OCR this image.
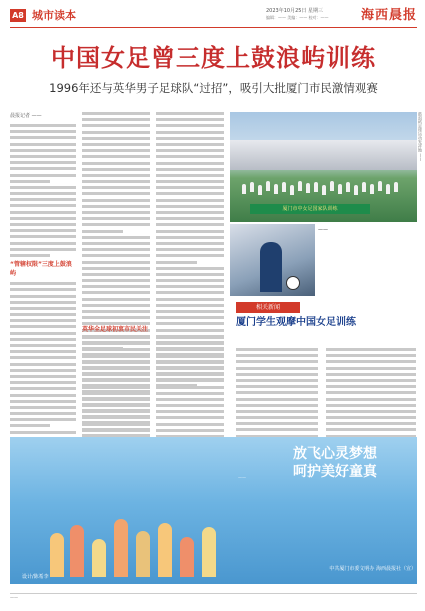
A8 城市读本	2023年10月25日 星期三
编辑：—— 美编：—— 校对：—— 海西晨报
中国女足曾三度上鼓浪屿训练
1996年还与英华男子足球队“过招”，吸引大批厦门市民激情观赛
晨报记者 ——
“管辖权限”三度上鼓浪屿
英华全足球初衷市民关注
厦门市中女足国家队训练
鼓浪屿足球运动发祥地 ——
——
相关新闻
厦门学生观摩中国女足训练
——
放飞心灵梦想
呵护美好童真
中共厦门市委文明办 海西晨报社（宣）
设计/陈希李
——
